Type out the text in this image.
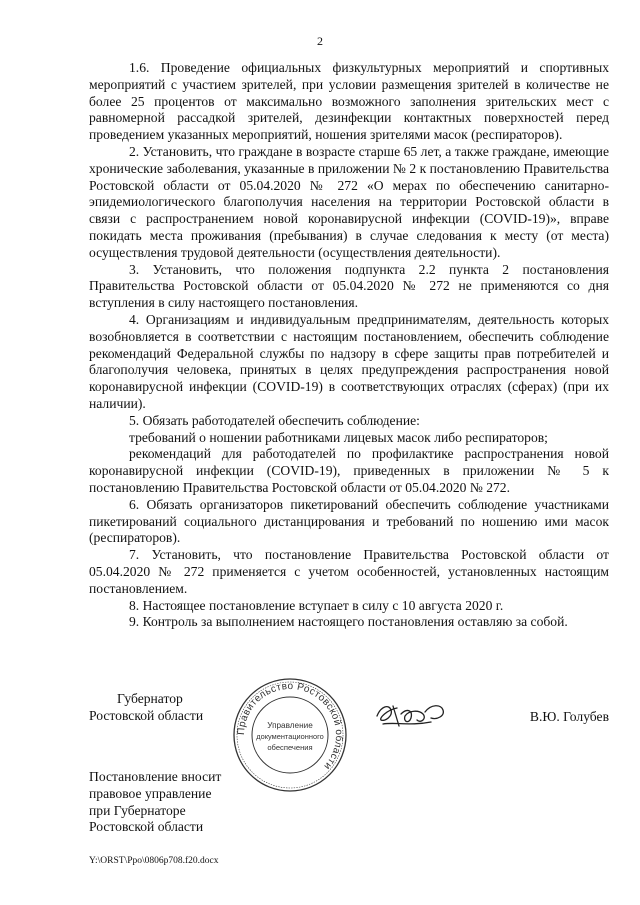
2

1.6. Проведение официальных физкультурных мероприятий и спортивных мероприятий с участием зрителей, при условии размещения зрителей в количестве не более 25 процентов от максимально возможного заполнения зрительских мест с равномерной рассадкой зрителей, дезинфекции контактных поверхностей перед проведением указанных мероприятий, ношения зрителями масок (респираторов).

2. Установить, что граждане в возрасте старше 65 лет, а также граждане, имеющие хронические заболевания, указанные в приложении № 2 к постановлению Правительства Ростовской области от 05.04.2020 № 272 «О мерах по обеспечению санитарно-эпидемиологического благополучия населения на территории Ростовской области в связи с распространением новой коронавирусной инфекции (COVID-19)», вправе покидать места проживания (пребывания) в случае следования к месту (от места) осуществления трудовой деятельности (осуществления деятельности).

3. Установить, что положения подпункта 2.2 пункта 2 постановления Правительства Ростовской области от 05.04.2020 № 272 не применяются со дня вступления в силу настоящего постановления.

4. Организациям и индивидуальным предпринимателям, деятельность которых возобновляется в соответствии с настоящим постановлением, обеспечить соблюдение рекомендаций Федеральной службы по надзору в сфере защиты прав потребителей и благополучия человека, принятых в целях предупреждения распространения новой коронавирусной инфекции (COVID-19) в соответствующих отраслях (сферах) (при их наличии).

5. Обязать работодателей обеспечить соблюдение:

требований о ношении работниками лицевых масок либо респираторов;

рекомендаций для работодателей по профилактике распространения новой коронавирусной инфекции (COVID-19), приведенных в приложении № 5 к постановлению Правительства Ростовской области от 05.04.2020 № 272.

6. Обязать организаторов пикетирований обеспечить соблюдение участниками пикетирований социального дистанцирования и требований по ношению ими масок (респираторов).

7. Установить, что постановление Правительства Ростовской области от 05.04.2020 № 272 применяется с учетом особенностей, установленных настоящим постановлением.

8. Настоящее постановление вступает в силу с 10 августа 2020 г.

9. Контроль за выполнением настоящего постановления оставляю за собой.

Губернатор
Ростовской области
Правительство Ростовской области
Управление
документационного
обеспечения
В.Ю. Голубев
Постановление вносит
правовое управление
при Губернаторе
Ростовской области
Y:\ORST\Ppo\0806p708.f20.docx
